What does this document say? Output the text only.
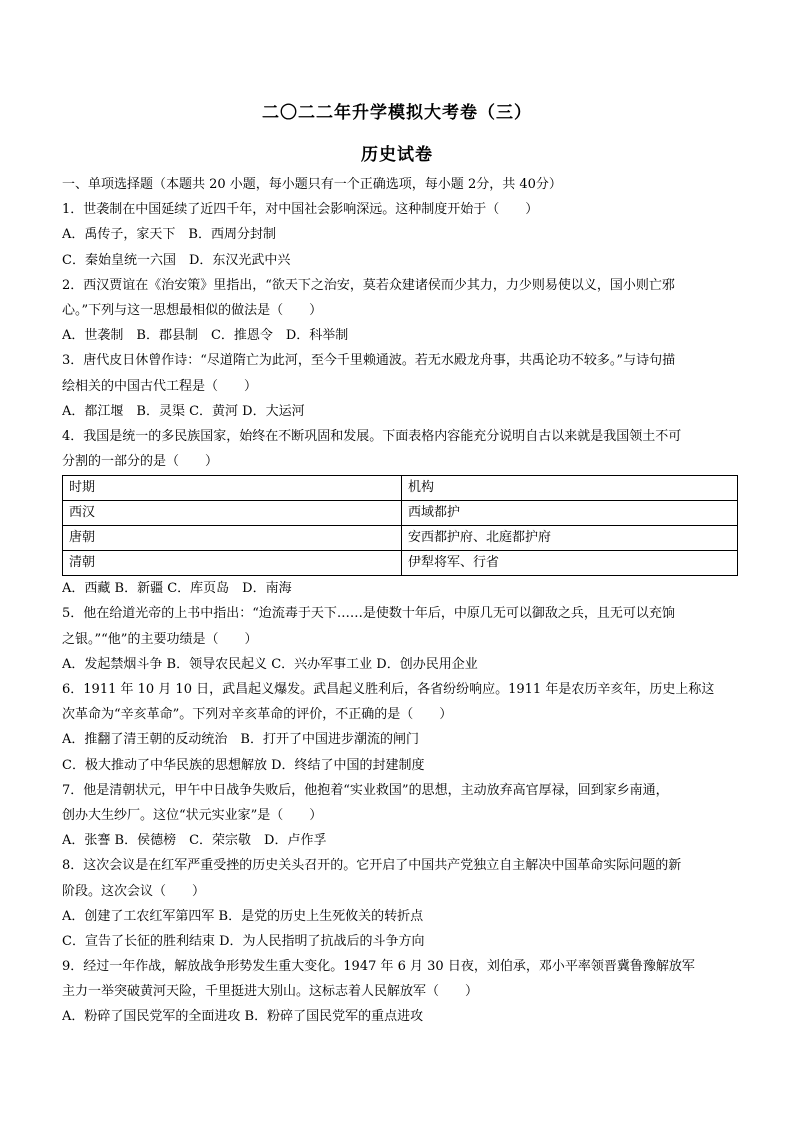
二〇二二年升学模拟大考卷（三）
历史试卷
一、单项选择题（本题共 20 小题，每小题只有一个正确选项，每小题 2分，共 40分）
1．世袭制在中国延续了近四千年，对中国社会影响深远。这种制度开始于（　　）
A．禹传子，家天下　B．西周分封制
C．秦始皇统一六国　D．东汉光武中兴
2．西汉贾谊在《治安策》里指出，“欲天下之治安，莫若众建诸侯而少其力，力少则易使以义，国小则亡邪
心。”下列与这一思想最相似的做法是（　　）
A．世袭制　B．郡县制　C．推恩令　D．科举制
3．唐代皮日休曾作诗：“尽道隋亡为此河，至今千里赖通波。若无水殿龙舟事，共禹论功不较多。”与诗句描
绘相关的中国古代工程是（　　）
A．都江堰　B．灵渠 C．黄河 D．大运河
4．我国是统一的多民族国家，始终在不断巩固和发展。下面表格内容能充分说明自古以来就是我国领土不可
分割的一部分的是（　　）
时期	机构
西汉	西域都护
唐朝	安西都护府、北庭都护府
清朝	伊犁将军、行省
A．西藏 B．新疆 C．库页岛　D．南海
5．他在给道光帝的上书中指出：“迨流毒于天下……是使数十年后，中原几无可以御敌之兵，且无可以充饷
之银。”“他”的主要功绩是（　　）
A．发起禁烟斗争 B．领导农民起义 C．兴办军事工业 D．创办民用企业
6．1911 年 10 月 10 日，武昌起义爆发。武昌起义胜利后，各省纷纷响应。1911 年是农历辛亥年，历史上称这
次革命为“辛亥革命”。下列对辛亥革命的评价，不正确的是（　　）
A．推翻了清王朝的反动统治　B．打开了中国进步潮流的闸门
C．极大推动了中华民族的思想解放 D．终结了中国的封建制度
7．他是清朝状元，甲午中日战争失败后，他抱着“实业救国”的思想，主动放弃高官厚禄，回到家乡南通，
创办大生纱厂。这位“状元实业家”是（　　）
A．张謇 B．侯德榜　C．荣宗敬　D．卢作孚
8．这次会议是在红军严重受挫的历史关头召开的。它开启了中国共产党独立自主解决中国革命实际问题的新
阶段。这次会议（　　）
A．创建了工农红军第四军 B．是党的历史上生死攸关的转折点
C．宣告了长征的胜利结束 D．为人民指明了抗战后的斗争方向
9．经过一年作战，解放战争形势发生重大变化。1947 年 6 月 30 日夜，刘伯承，邓小平率领晋冀鲁豫解放军
主力一举突破黄河天险，千里挺进大别山。这标志着人民解放军（　　）
A．粉碎了国民党军的全面进攻 B．粉碎了国民党军的重点进攻
